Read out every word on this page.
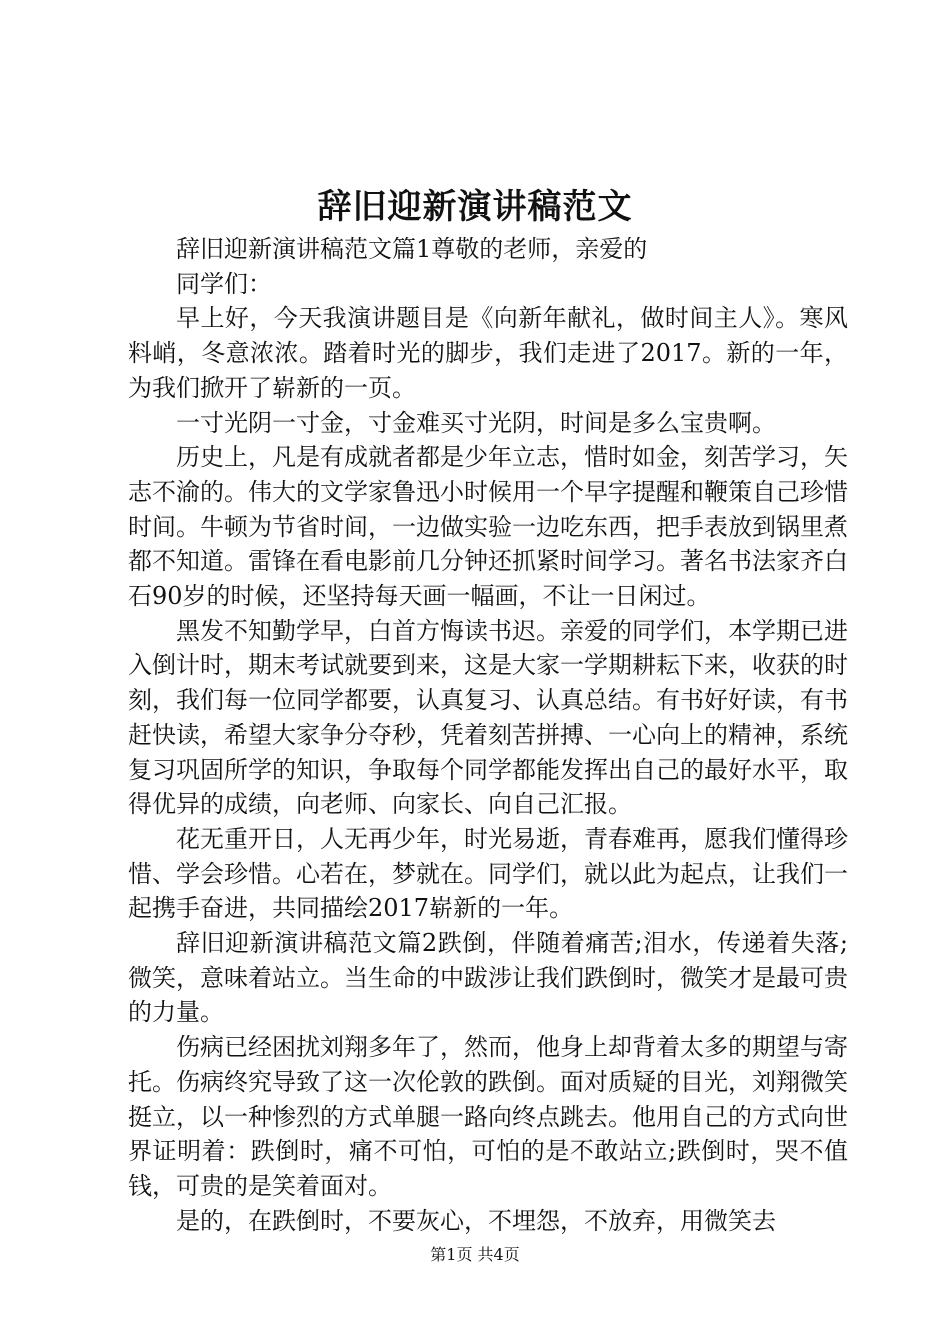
辞旧迎新演讲稿范文

辞旧迎新演讲稿范文篇1尊敬的老师，亲爱的

同学们：

早上好，今天我演讲题目是《向新年献礼，做时间主人》。寒风料峭，冬意浓浓。踏着时光的脚步，我们走进了2017。新的一年，为我们掀开了崭新的一页。

一寸光阴一寸金，寸金难买寸光阴，时间是多么宝贵啊。

历史上，凡是有成就者都是少年立志，惜时如金，刻苦学习，矢志不渝的。伟大的文学家鲁迅小时候用一个早字提醒和鞭策自己珍惜时间。牛顿为节省时间，一边做实验一边吃东西，把手表放到锅里煮都不知道。雷锋在看电影前几分钟还抓紧时间学习。著名书法家齐白石90岁的时候，还坚持每天画一幅画，不让一日闲过。

黑发不知勤学早，白首方悔读书迟。亲爱的同学们，本学期已进入倒计时，期末考试就要到来，这是大家一学期耕耘下来，收获的时刻，我们每一位同学都要，认真复习、认真总结。有书好好读，有书赶快读，希望大家争分夺秒，凭着刻苦拼搏、一心向上的精神，系统复习巩固所学的知识，争取每个同学都能发挥出自己的最好水平，取得优异的成绩，向老师、向家长、向自己汇报。

花无重开日，人无再少年，时光易逝，青春难再，愿我们懂得珍惜、学会珍惜。心若在，梦就在。同学们，就以此为起点，让我们一起携手奋进，共同描绘2017崭新的一年。

辞旧迎新演讲稿范文篇2跌倒，伴随着痛苦;泪水，传递着失落;微笑，意味着站立。当生命的中跋涉让我们跌倒时，微笑才是最可贵的力量。

伤病已经困扰刘翔多年了，然而，他身上却背着太多的期望与寄托。伤病终究导致了这一次伦敦的跌倒。面对质疑的目光，刘翔微笑挺立，以一种惨烈的方式单腿一路向终点跳去。他用自己的方式向世界证明着：跌倒时，痛不可怕，可怕的是不敢站立;跌倒时，哭不值钱，可贵的是笑着面对。

是的，在跌倒时，不要灰心，不埋怨，不放弃，用微笑去

第1页 共4页
